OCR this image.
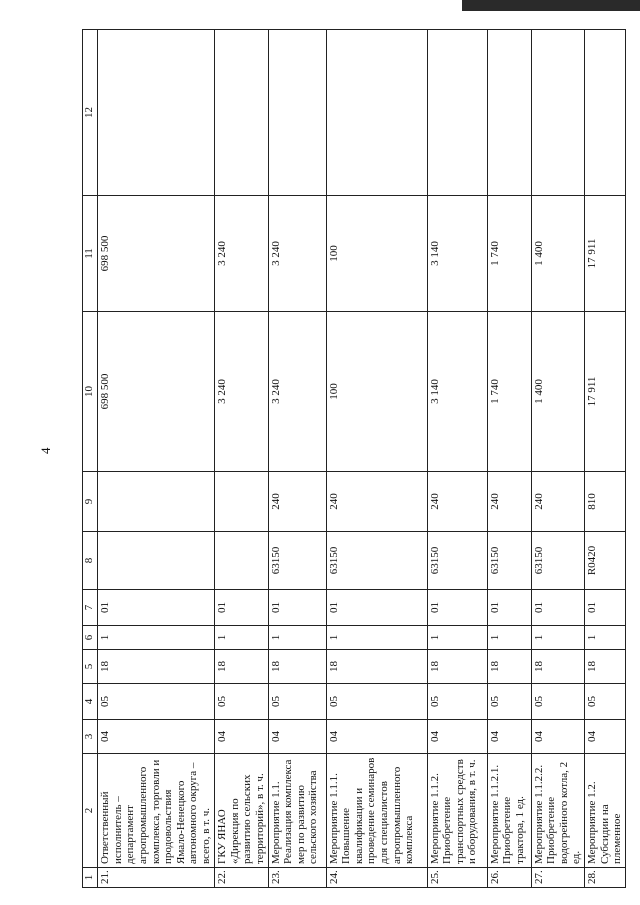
4
1	2	3	4	5	6	7	8	9	10	11	12
21.	Ответственный исполнитель – департамент агропромышленного комплекса, торговли и продовольствия Ямало-Ненецкого автономного округа – всего, в т. ч.	04	05	18	1	01			698 500	698 500	
22.	ГКУ ЯНАО «Дирекция по развитию сельских территорий», в т. ч.	04	05	18	1	01			3 240	3 240	
23.	Мероприятие 1.1. Реализация комплекса мер по развитию сельского хозяйства	04	05	18	1	01	63150	240	3 240	3 240	
24.	Мероприятие 1.1.1. Повышение квалификации и проведение семинаров для специалистов агропромышленного комплекса	04	05	18	1	01	63150	240	100	100	
25.	Мероприятие 1.1.2. Приобретение транспортных средств и оборудования, в т. ч.	04	05	18	1	01	63150	240	3 140	3 140	
26.	Мероприятие 1.1.2.1. Приобретение трактора, 1 ед.	04	05	18	1	01	63150	240	1 740	1 740	
27.	Мероприятие 1.1.2.2. Приобретение водогрейного котла, 2 ед.	04	05	18	1	01	63150	240	1 400	1 400	
28.	Мероприятие 1.2. Субсидии на племенное	04	05	18	1	01	R0420	810	17 911	17 911	
